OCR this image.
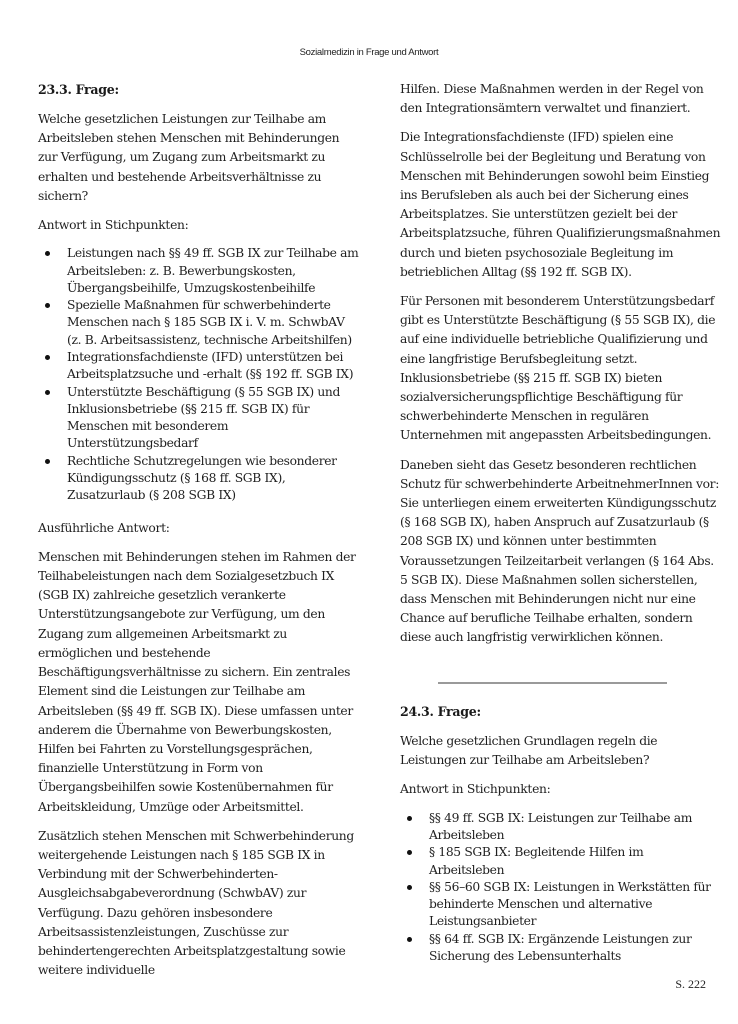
Sozialmedizin in Frage und Antwort
23.3. Frage:

Welche gesetzlichen Leistungen zur Teilhabe am Arbeitsleben stehen Menschen mit Behinderungen zur Verfügung, um Zugang zum Arbeitsmarkt zu erhalten und bestehende Arbeitsverhältnisse zu sichern?

Antwort in Stichpunkten:
Leistungen nach §§ 49 ff. SGB IX zur Teilhabe am Arbeitsleben: z. B. Bewerbungskosten, Übergangsbeihilfe, Umzugskostenbeihilfe
Spezielle Maßnahmen für schwerbehinderte Menschen nach § 185 SGB IX i. V. m. SchwbAV (z. B. Arbeitsassistenz, technische Arbeitshilfen)
Integrationsfachdienste (IFD) unterstützen bei Arbeitsplatzsuche und -erhalt (§§ 192 ff. SGB IX)
Unterstützte Beschäftigung (§ 55 SGB IX) und Inklusionsbetriebe (§§ 215 ff. SGB IX) für Menschen mit besonderem Unterstützungsbedarf
Rechtliche Schutzregelungen wie besonderer Kündigungsschutz (§ 168 ff. SGB IX), Zusatzurlaub (§ 208 SGB IX)
Ausführliche Antwort:

Menschen mit Behinderungen stehen im Rahmen der Teilhabeleistungen nach dem Sozialgesetzbuch IX (SGB IX) zahlreiche gesetzlich verankerte Unterstützungsangebote zur Verfügung, um den Zugang zum allgemeinen Arbeitsmarkt zu ermöglichen und bestehende Beschäftigungsverhältnisse zu sichern. Ein zentrales Element sind die Leistungen zur Teilhabe am Arbeitsleben (§§ 49 ff. SGB IX). Diese umfassen unter anderem die Übernahme von Bewerbungskosten, Hilfen bei Fahrten zu Vorstellungsgesprächen, finanzielle Unterstützung in Form von Übergangsbeihilfen sowie Kostenübernahmen für Arbeitskleidung, Umzüge oder Arbeitsmittel.

Zusätzlich stehen Menschen mit Schwerbehinderung weitergehende Leistungen nach § 185 SGB IX in Verbindung mit der Schwerbehinderten-Ausgleichsabgabeverordnung (SchwbAV) zur Verfügung. Dazu gehören insbesondere Arbeitsassistenzleistungen, Zuschüsse zur behindertengerechten Arbeitsplatzgestaltung sowie weitere individuelle

Hilfen. Diese Maßnahmen werden in der Regel von den Integrationsämtern verwaltet und finanziert.

Die Integrationsfachdienste (IFD) spielen eine Schlüsselrolle bei der Begleitung und Beratung von Menschen mit Behinderungen sowohl beim Einstieg ins Berufsleben als auch bei der Sicherung eines Arbeitsplatzes. Sie unterstützen gezielt bei der Arbeitsplatzsuche, führen Qualifizierungsmaßnahmen durch und bieten psychosoziale Begleitung im betrieblichen Alltag (§§ 192 ff. SGB IX).

Für Personen mit besonderem Unterstützungsbedarf gibt es Unterstützte Beschäftigung (§ 55 SGB IX), die auf eine individuelle betriebliche Qualifizierung und eine langfristige Berufsbegleitung setzt. Inklusionsbetriebe (§§ 215 ff. SGB IX) bieten sozialversicherungspflichtige Beschäftigung für schwerbehinderte Menschen in regulären Unternehmen mit angepassten Arbeitsbedingungen.

Daneben sieht das Gesetz besonderen rechtlichen Schutz für schwerbehinderte ArbeitnehmerInnen vor: Sie unterliegen einem erweiterten Kündigungsschutz (§ 168 SGB IX), haben Anspruch auf Zusatzurlaub (§ 208 SGB IX) und können unter bestimmten Voraussetzungen Teilzeitarbeit verlangen (§ 164 Abs. 5 SGB IX). Diese Maßnahmen sollen sicherstellen, dass Menschen mit Behinderungen nicht nur eine Chance auf berufliche Teilhabe erhalten, sondern diese auch langfristig verwirklichen können.

24.3. Frage:

Welche gesetzlichen Grundlagen regeln die Leistungen zur Teilhabe am Arbeitsleben?

Antwort in Stichpunkten:
§§ 49 ff. SGB IX: Leistungen zur Teilhabe am Arbeitsleben
§ 185 SGB IX: Begleitende Hilfen im Arbeitsleben
§§ 56–60 SGB IX: Leistungen in Werkstätten für behinderte Menschen und alternative Leistungsanbieter
§§ 64 ff. SGB IX: Ergänzende Leistungen zur Sicherung des Lebensunterhalts
S. 222
